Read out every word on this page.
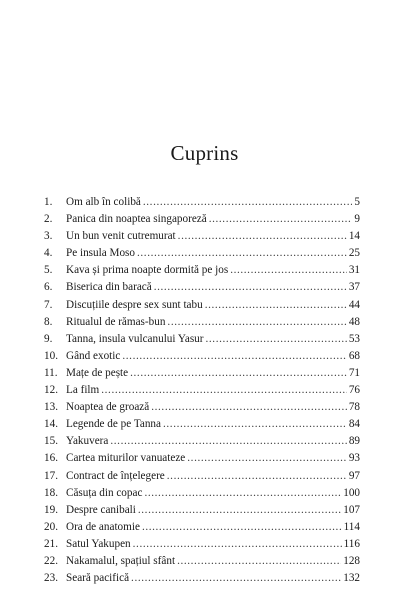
Cuprins
1.	Om alb în colibă .....	5
2.	Panica din noaptea singaporeză .....	9
3.	Un bun venit cutremurat .....	14
4.	Pe insula Moso .....	25
5.	Kava și prima noapte dormită pe jos .....	31
6.	Biserica din baracă .....	37
7.	Discuțiile despre sex sunt tabu .....	44
8.	Ritualul de rămas-bun .....	48
9.	Tanna, insula vulcanului Yasur .....	53
10. Gând exotic .....	68
11. Mațe de pește .....	71
12. La film .....	76
13. Noaptea de groază .....	78
14. Legende de pe Tanna .....	84
15. Yakuvera .....	89
16. Cartea miturilor vanuateze .....	93
17. Contract de înțelegere .....	97
18. Căsuța din copac .....	100
19. Despre canibali .....	107
20. Ora de anatomie .....	114
21. Satul Yakupen .....	116
22. Nakamalul, spațiul sfânt .....	128
23. Seară pacifică .....	132
